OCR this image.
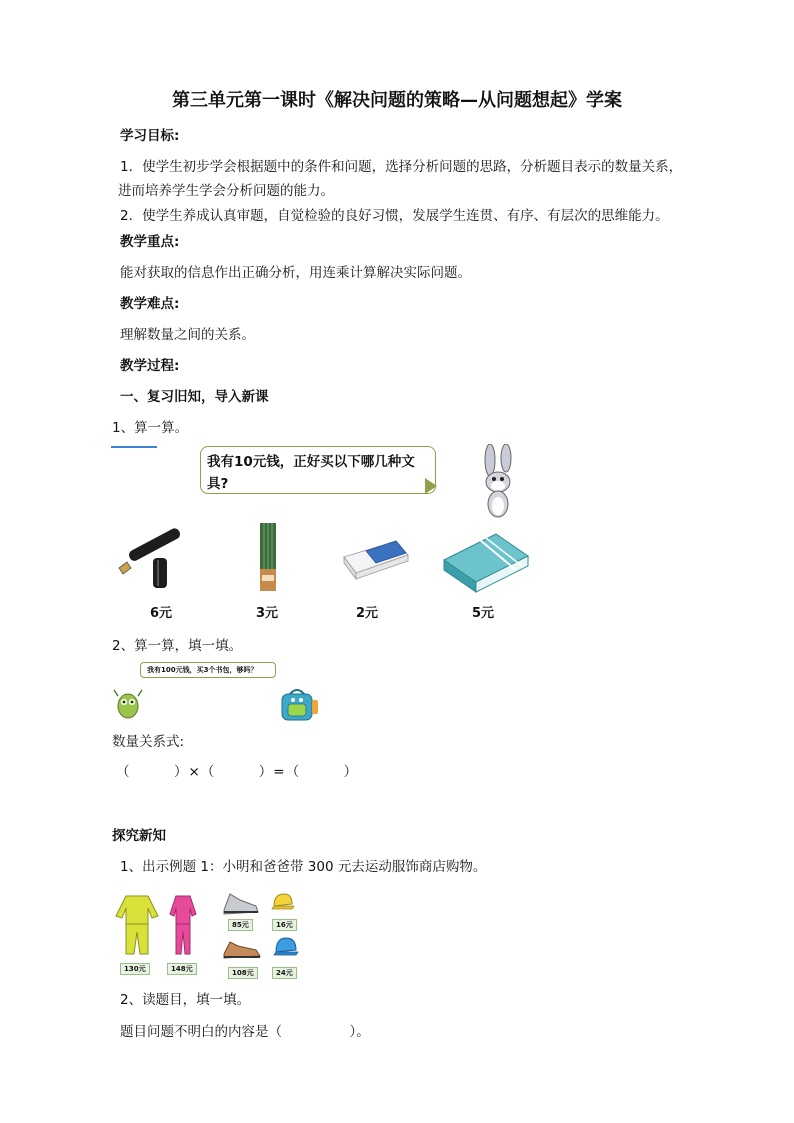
第三单元第一课时《解决问题的策略—从问题想起》学案
学习目标:
1．使学生初步学会根据题中的条件和问题，选择分析问题的思路，分析题目表示的数量关系，
进而培养学生学会分析问题的能力。
2．使学生养成认真审题，自觉检验的良好习惯，发展学生连贯、有序、有层次的思维能力。
教学重点:
能对获取的信息作出正确分析，用连乘计算解决实际问题。
教学难点:
理解数量之间的关系。
教学过程:
一、复习旧知，导入新课
1、算一算。
我有10元钱，正好买以下哪几种文
具?
6元	3元	2元	5元
2、算一算，填一填。
我有100元钱，买3个书包，够吗？
数量关系式:
（　　　）×（　　　）=（　　　）
探究新知
1、出示例题 1：小明和爸爸带 300 元去运动服饰商店购物。
130元	148元
85元	16元
108元	24元
2、读题目，填一填。
题目问题不明白的内容是（　　　　　）。
